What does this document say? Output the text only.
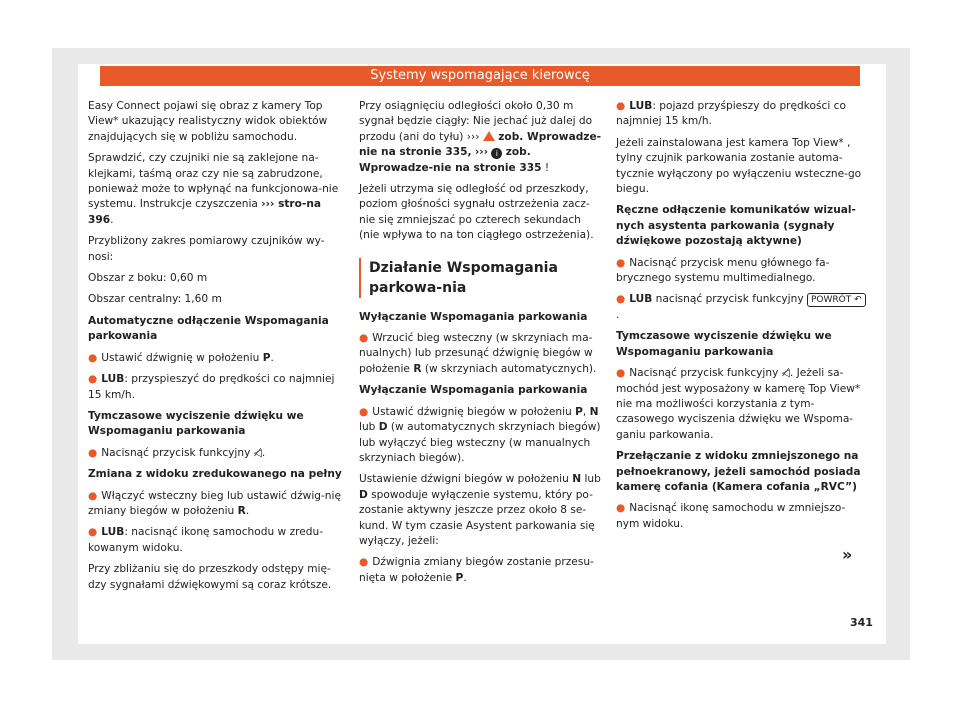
Systemy wspomagające kierowcę

Easy Connect pojawi się obraz z kamery Top View* ukazujący realistyczny widok obiektów znajdujących się w pobliżu samochodu.

Sprawdzić, czy czujniki nie są zaklejone na-klejkami, taśmą oraz czy nie są zabrudzone, ponieważ może to wpłynąć na funkcjonowa-nie systemu. Instrukcje czyszczenia ››› stro-na 396.

Przybliżony zakres pomiarowy czujników wy-nosi:

Obszar z boku: 0,60 m

Obszar centralny: 1,60 m

Automatyczne odłączenie Wspomagania parkowania

● Ustawić dźwignię w położeniu P.

● LUB: przyspieszyć do prędkości co najmniej 15 km/h.

Tymczasowe wyciszenie dźwięku we Wspomaganiu parkowania

● Nacisnąć przycisk funkcyjny ◁̸.

Zmiana z widoku zredukowanego na pełny

● Włączyć wsteczny bieg lub ustawić dźwig-nię zmiany biegów w położeniu R.

● LUB: nacisnąć ikonę samochodu w zredu-kowanym widoku.

Przy zbliżaniu się do przeszkody odstępy mię-dzy sygnałami dźwiękowymi są coraz krótsze.

Przy osiągnięciu odległości około 0,30 m sygnał będzie ciągły: Nie jechać już dalej do przodu (ani do tyłu) ››› zob. Wprowadze-nie na stronie 335, ››› i zob. Wprowadze-nie na stronie 335 !

Jeżeli utrzyma się odległość od przeszkody, poziom głośności sygnału ostrzeżenia zacz-nie się zmniejszać po czterech sekundach (nie wpływa to na ton ciągłego ostrzeżenia).

Działanie Wspomagania parkowa-nia

Wyłączanie Wspomagania parkowania

● Wrzucić bieg wsteczny (w skrzyniach ma-nualnych) lub przesunąć dźwignię biegów w położenie R (w skrzyniach automatycznych).

Wyłączanie Wspomagania parkowania

● Ustawić dźwignię biegów w położeniu P, N lub D (w automatycznych skrzyniach biegów) lub wyłączyć bieg wsteczny (w manualnych skrzyniach biegów).

Ustawienie dźwigni biegów w położeniu N lub D spowoduje wyłączenie systemu, który po-zostanie aktywny jeszcze przez około 8 se-kund. W tym czasie Asystent parkowania się wyłączy, jeżeli:

● Dźwignia zmiany biegów zostanie przesu-nięta w położenie P.

● LUB: pojazd przyśpieszy do prędkości co najmniej 15 km/h.

Jeżeli zainstalowana jest kamera Top View* , tylny czujnik parkowania zostanie automa-tycznie wyłączony po wyłączeniu wsteczne-go biegu.

Ręczne odłączenie komunikatów wizual-nych asystenta parkowania (sygnały dźwiękowe pozostają aktywne)

● Nacisnąć przycisk menu głównego fa-brycznego systemu multimedialnego.

● LUB nacisnąć przycisk funkcyjny POWRÓT ↶.

Tymczasowe wyciszenie dźwięku we Wspomaganiu parkowania

● Nacisnąć przycisk funkcyjny ◁̸. Jeżeli sa-mochód jest wyposażony w kamerę Top View* nie ma możliwości korzystania z tym-czasowego wyciszenia dźwięku we Wspoma-ganiu parkowania.

Przełączanie z widoku zmniejszonego na pełnoekranowy, jeżeli samochód posiada kamerę cofania (Kamera cofania „RVC”)

● Nacisnąć ikonę samochodu w zmniejszo-nym widoku.

»
341
